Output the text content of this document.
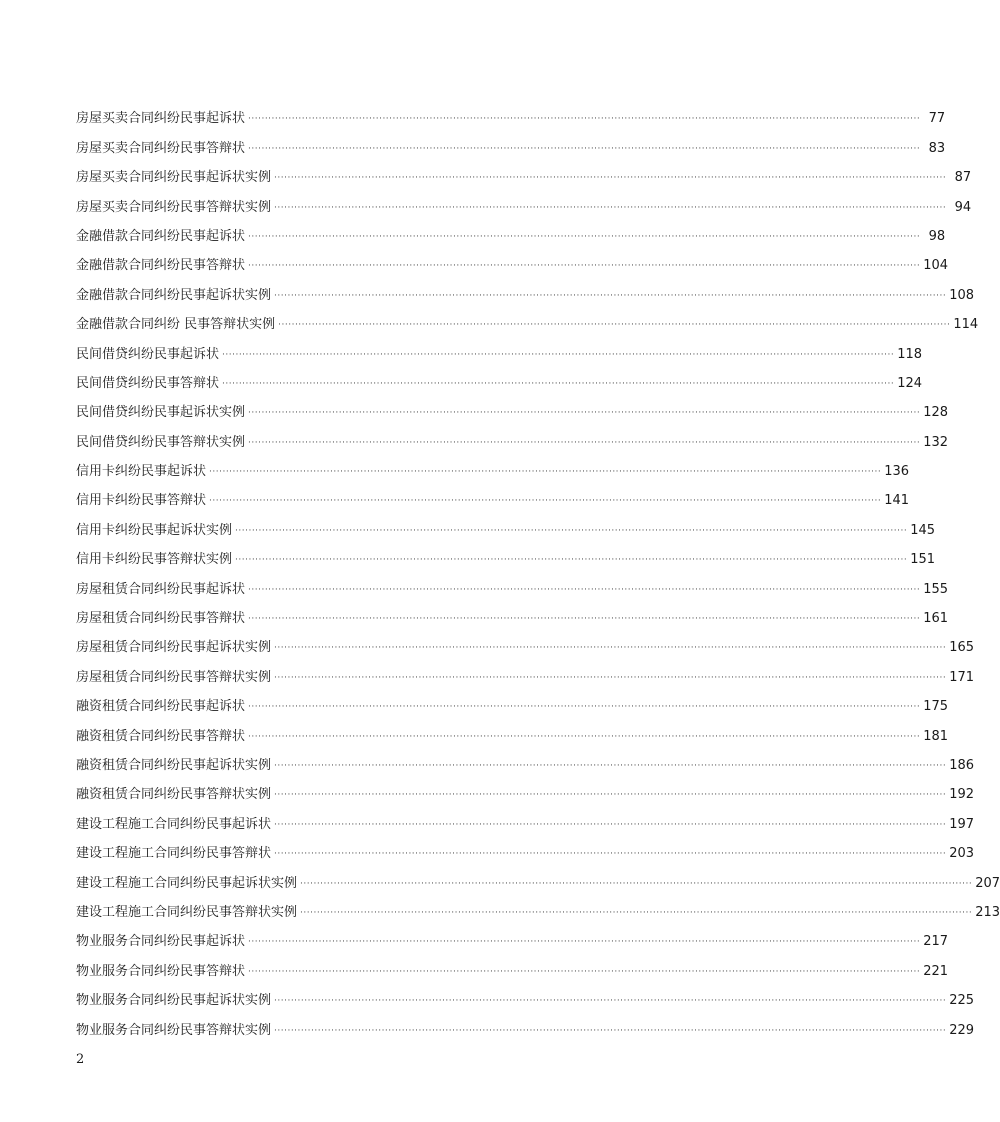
房屋买卖合同纠纷民事起诉状 ········································································································································································································ 77
房屋买卖合同纠纷民事答辩状 ········································································································································································································ 83
房屋买卖合同纠纷民事起诉状实例 ········································································································································································································ 87
房屋买卖合同纠纷民事答辩状实例 ········································································································································································································ 94
金融借款合同纠纷民事起诉状 ········································································································································································································ 98
金融借款合同纠纷民事答辩状 ········································································································································································································ 104
金融借款合同纠纷民事起诉状实例 ········································································································································································································ 108
金融借款合同纠纷 民事答辩状实例 ········································································································································································································ 114
民间借贷纠纷民事起诉状 ········································································································································································································ 118
民间借贷纠纷民事答辩状 ········································································································································································································ 124
民间借贷纠纷民事起诉状实例 ········································································································································································································ 128
民间借贷纠纷民事答辩状实例 ········································································································································································································ 132
信用卡纠纷民事起诉状 ········································································································································································································ 136
信用卡纠纷民事答辩状 ········································································································································································································ 141
信用卡纠纷民事起诉状实例 ········································································································································································································ 145
信用卡纠纷民事答辩状实例 ········································································································································································································ 151
房屋租赁合同纠纷民事起诉状 ········································································································································································································ 155
房屋租赁合同纠纷民事答辩状 ········································································································································································································ 161
房屋租赁合同纠纷民事起诉状实例 ········································································································································································································ 165
房屋租赁合同纠纷民事答辩状实例 ········································································································································································································ 171
融资租赁合同纠纷民事起诉状 ········································································································································································································ 175
融资租赁合同纠纷民事答辩状 ········································································································································································································ 181
融资租赁合同纠纷民事起诉状实例 ········································································································································································································ 186
融资租赁合同纠纷民事答辩状实例 ········································································································································································································ 192
建设工程施工合同纠纷民事起诉状 ········································································································································································································ 197
建设工程施工合同纠纷民事答辩状 ········································································································································································································ 203
建设工程施工合同纠纷民事起诉状实例 ········································································································································································································ 207
建设工程施工合同纠纷民事答辩状实例 ········································································································································································································ 213
物业服务合同纠纷民事起诉状 ········································································································································································································ 217
物业服务合同纠纷民事答辩状 ········································································································································································································ 221
物业服务合同纠纷民事起诉状实例 ········································································································································································································ 225
物业服务合同纠纷民事答辩状实例 ········································································································································································································ 229
2
